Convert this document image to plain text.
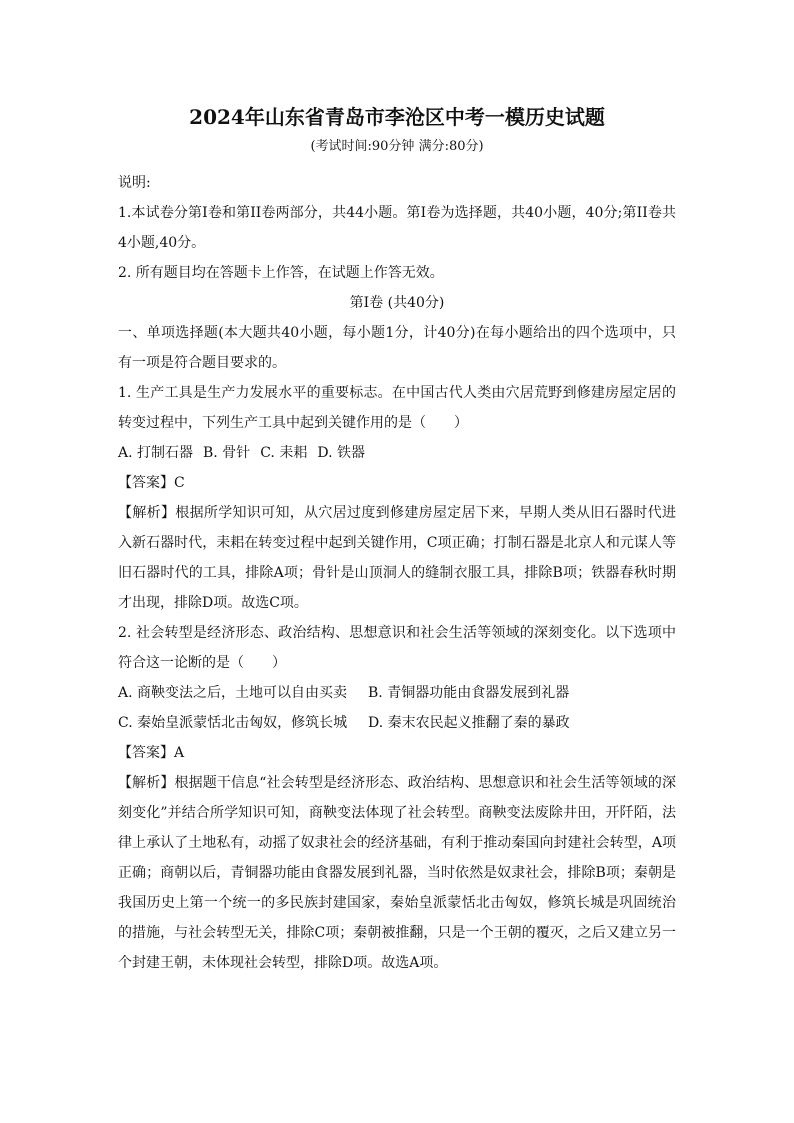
2024年山东省青岛市李沧区中考一模历史试题

(考试时间:90分钟 满分:80分)

说明:

1.本试卷分第I卷和第II卷两部分，共44小题。第I卷为选择题，共40小题，40分;第II卷共4小题,40分。

2. 所有题目均在答题卡上作答，在试题上作答无效。

第I卷 (共40分)

一、单项选择题(本大题共40小题，每小题1分，计40分)在每小题给出的四个选项中，只有一项是符合题目要求的。

1. 生产工具是生产力发展水平的重要标志。在中国古代人类由穴居荒野到修建房屋定居的转变过程中，下列生产工具中起到关键作用的是（　　）

A. 打制石器 B. 骨针 C. 耒耜 D. 铁器

【答案】C

【解析】根据所学知识可知，从穴居过度到修建房屋定居下来，早期人类从旧石器时代进入新石器时代，耒耜在转变过程中起到关键作用，C项正确；打制石器是北京人和元谋人等旧石器时代的工具，排除A项；骨针是山顶洞人的缝制衣服工具，排除B项；铁器春秋时期才出现，排除D项。故选C项。

2. 社会转型是经济形态、政治结构、思想意识和社会生活等领域的深刻变化。以下选项中符合这一论断的是（　　）

A. 商鞅变法之后，土地可以自由买卖	B. 青铜器功能由食器发展到礼器
C. 秦始皇派蒙恬北击匈奴，修筑长城	D. 秦末农民起义推翻了秦的暴政

【答案】A

【解析】根据题干信息“社会转型是经济形态、政治结构、思想意识和社会生活等领域的深刻变化”并结合所学知识可知，商鞅变法体现了社会转型。商鞅变法废除井田，开阡陌，法律上承认了土地私有，动摇了奴隶社会的经济基础，有利于推动秦国向封建社会转型，A项正确；商朝以后，青铜器功能由食器发展到礼器，当时依然是奴隶社会，排除B项；秦朝是我国历史上第一个统一的多民族封建国家，秦始皇派蒙恬北击匈奴，修筑长城是巩固统治的措施，与社会转型无关，排除C项；秦朝被推翻，只是一个王朝的覆灭，之后又建立另一个封建王朝，未体现社会转型，排除D项。故选A项。
